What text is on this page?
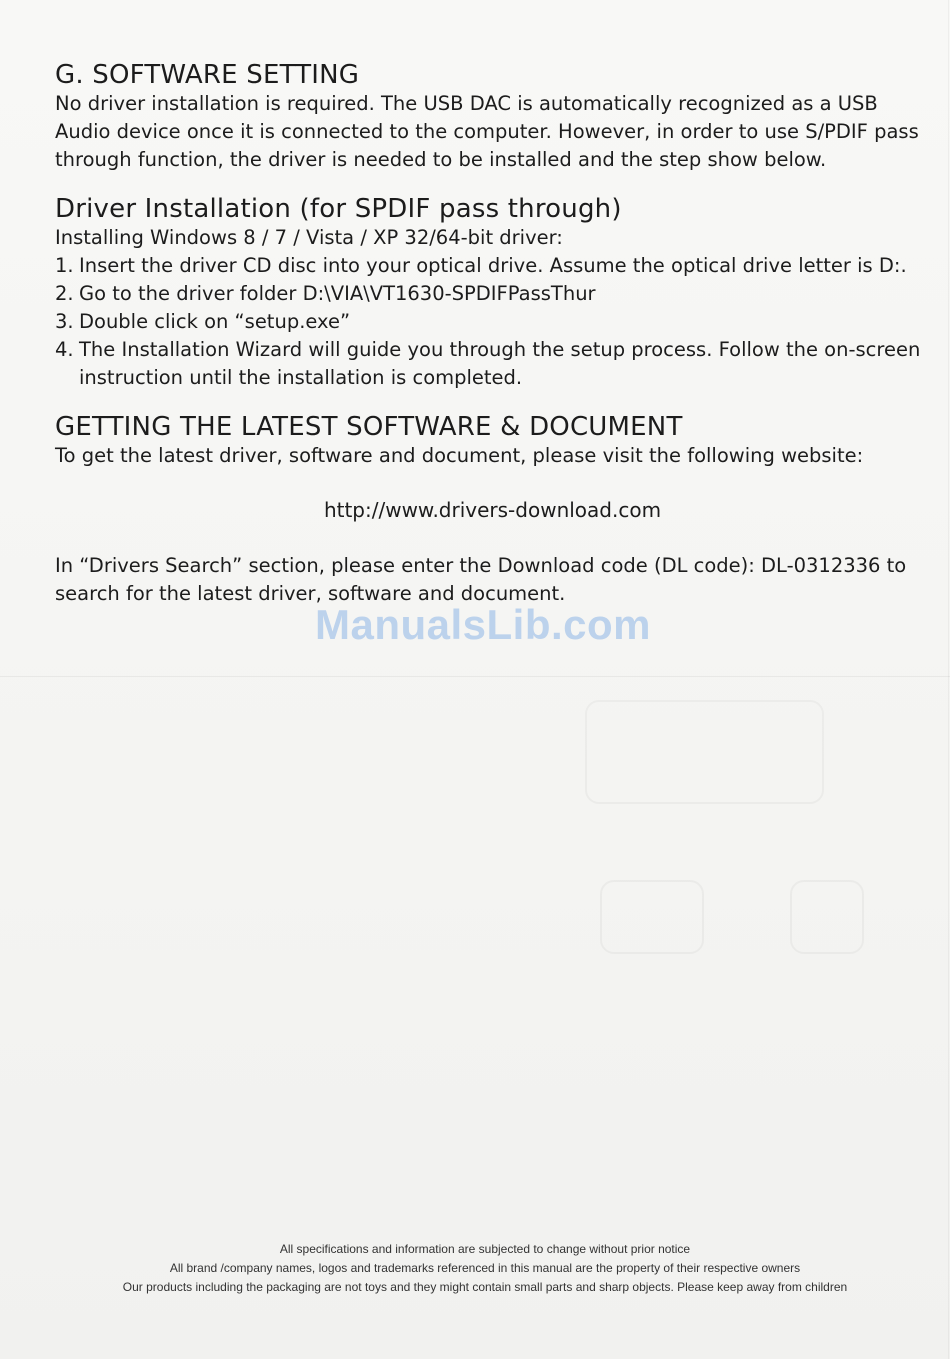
G. SOFTWARE SETTING

No driver installation is required. The USB DAC is automatically recognized as a USB Audio device once it is connected to the computer. However, in order to use S/PDIF pass through function, the driver is needed to be installed and the step show below.

Driver Installation (for SPDIF pass through)

Installing Windows 8 / 7 / Vista / XP 32/64-bit driver:

1. Insert the driver CD disc into your optical drive. Assume the optical drive letter is D:.
2. Go to the driver folder D:\VIA\VT1630-SPDIFPassThur
3. Double click on “setup.exe”
4. The Installation Wizard will guide you through the setup process. Follow the on-screen instruction until the installation is completed.
GETTING THE LATEST SOFTWARE & DOCUMENT

To get the latest driver, software and document, please visit the following website:

http://www.drivers-download.com

In “Drivers Search” section, please enter the Download code (DL code): DL-0312336 to search for the latest driver, software and document.

ManualsLib.com
All specifications and information are subjected to change without prior notice
All brand /company names, logos and trademarks referenced in this manual are the property of their respective owners
Our products including the packaging are not toys and they might contain small parts and sharp objects. Please keep away from children
